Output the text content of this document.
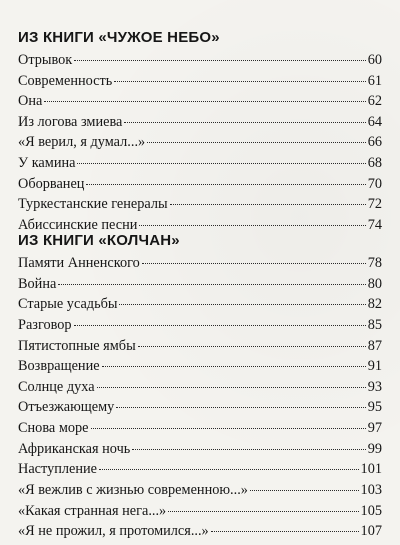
ИЗ КНИГИ «ЧУЖОЕ НЕБО»
Отрывок	60
Современность	61
Она	62
Из логова змиева	64
«Я верил, я думал...»	66
У камина	68
Оборванец	70
Туркестанские генералы	72
Абиссинские песни	74
ИЗ КНИГИ «КОЛЧАН»
Памяти Анненского	78
Война	80
Старые усадьбы	82
Разговор	85
Пятистопные ямбы	87
Возвращение	91
Солнце духа	93
Отъезжающему	95
Снова море	97
Африканская ночь	99
Наступление	101
«Я вежлив с жизнью современною...»	103
«Какая странная нега...»	105
«Я не прожил, я протомился...»	107
